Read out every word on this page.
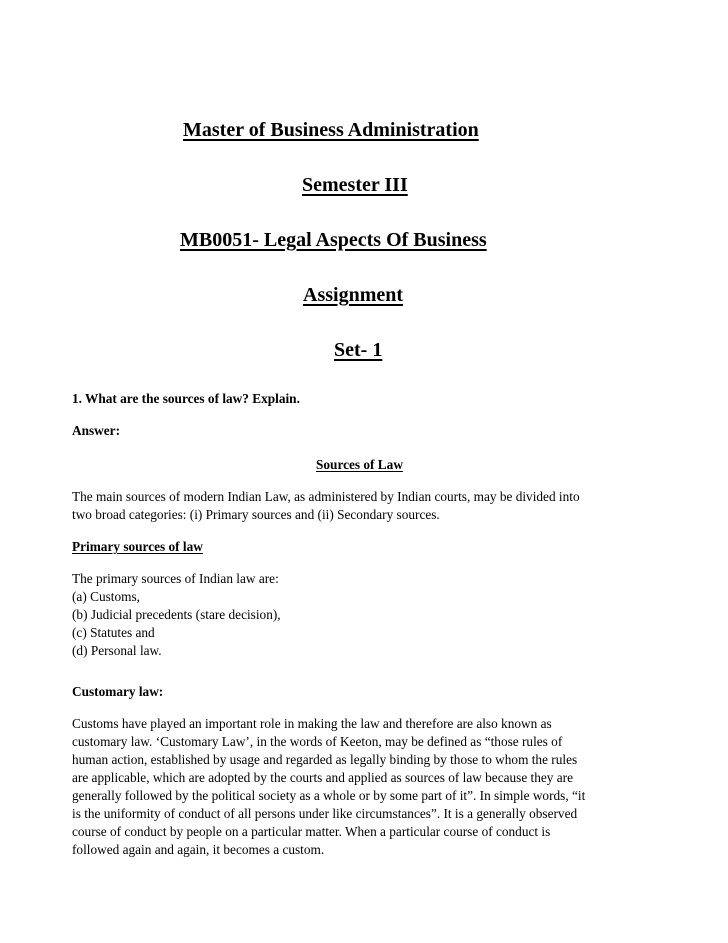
Master of Business Administration
Semester III
MB0051- Legal Aspects Of Business
Assignment
Set- 1

1. What are the sources of law? Explain.

Answer:

Sources of Law

The main sources of modern Indian Law, as administered by Indian courts, may be divided into
two broad categories: (i) Primary sources and (ii) Secondary sources.

Primary sources of law

The primary sources of Indian law are:
(a) Customs,
(b) Judicial precedents (stare decision),
(c) Statutes and
(d) Personal law.

Customary law:

Customs have played an important role in making the law and therefore are also known as
customary law. ‘Customary Law’, in the words of Keeton, may be defined as “those rules of
human action, established by usage and regarded as legally binding by those to whom the rules
are applicable, which are adopted by the courts and applied as sources of law because they are
generally followed by the political society as a whole or by some part of it”. In simple words, “it
is the uniformity of conduct of all persons under like circumstances”. It is a generally observed
course of conduct by people on a particular matter. When a particular course of conduct is
followed again and again, it becomes a custom.
